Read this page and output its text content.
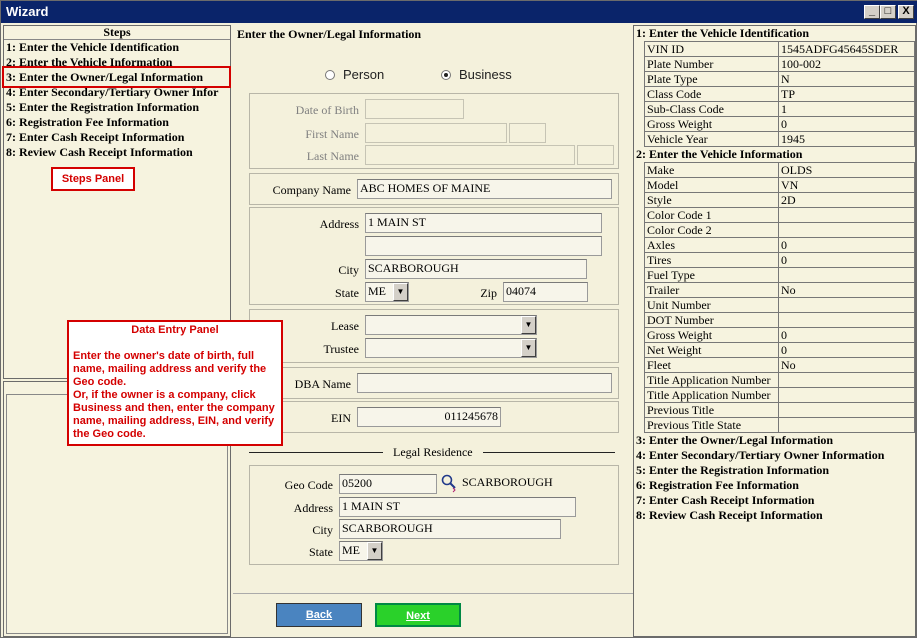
Wizard	_ □	X
Steps
1: Enter the Vehicle Identification
2: Enter the Vehicle Information
3: Enter the Owner/Legal Information
4: Enter Secondary/Tertiary Owner Infor
5: Enter the Registration Information
6: Registration Fee Information
7: Enter Cash Receipt Information
8: Review Cash Receipt Information
Steps Panel
Enter the Owner/Legal Information
Person	Business
Date of Birth
First Name
Last Name
Company Name ABC HOMES OF MAINE
Address 1 MAIN ST
City SCARBOROUGH
State ME	▼	Zip 04074
Lease	▼
Trustee	▼
DBA Name
EIN	011245678
Legal Residence
Geo Code 05200	SCARBOROUGH
Address 1 MAIN ST
City SCARBOROUGH
State ME	▼
Back	Next
Data Entry Panel
Enter the owner's date of birth, full name, mailing address and verify the Geo code.
Or, if the owner is a company, click Business and then, enter the company name, mailing address, EIN, and verify the Geo code.
1: Enter the Vehicle Identification
VIN ID	1545ADFG45645SDER
Plate Number	100-002
Plate Type	N
Class Code	TP
Sub-Class Code	1
Gross Weight	0
Vehicle Year	1945
2: Enter the Vehicle Information
Make	OLDS
Model	VN
Style	2D
Color Code 1	
Color Code 2	
Axles	0
Tires	0
Fuel Type	
Trailer	No
Unit Number	
DOT Number	
Gross Weight	0
Net Weight	0
Fleet	No
Title Application Number	
Title Application Number	
Previous Title	
Previous Title State	
3: Enter the Owner/Legal Information
4: Enter Secondary/Tertiary Owner Information
5: Enter the Registration Information
6: Registration Fee Information
7: Enter Cash Receipt Information
8: Review Cash Receipt Information
